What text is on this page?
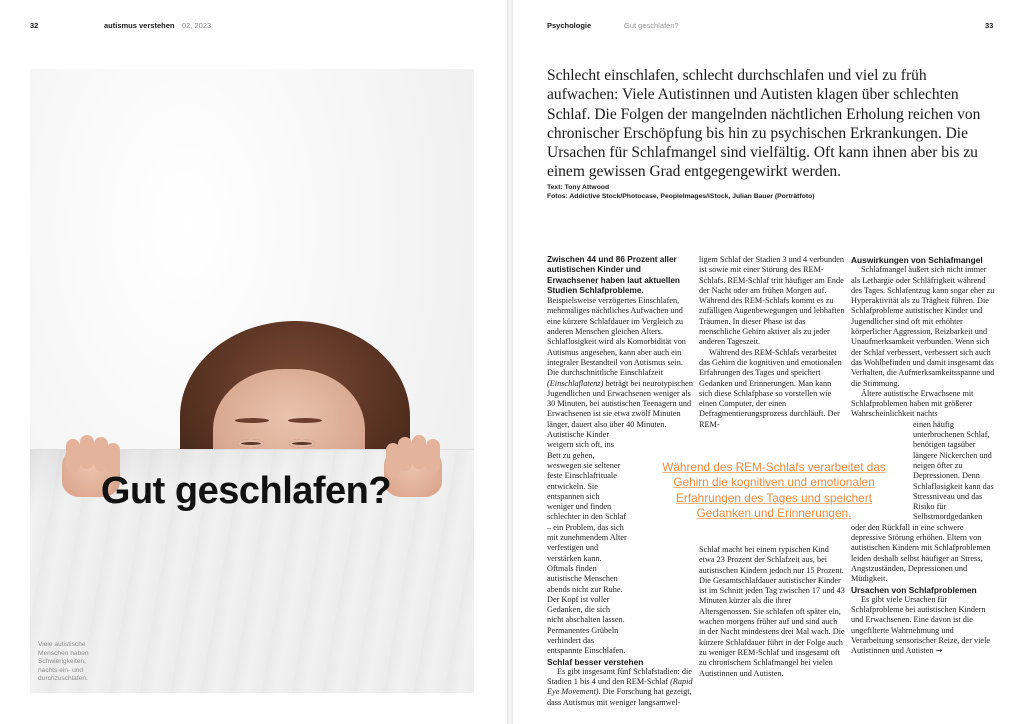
32	autismus verstehen 02, 2023	Psychologie	Gut geschlafen?	33
Gut geschlafen?
Viele autistische Menschen haben Schwierigkeiten, nachts ein- und durchzuschlafen.
Schlecht einschlafen, schlecht durchschlafen und viel zu früh aufwachen: Viele Autistinnen und Autisten klagen über schlechten Schlaf. Die Folgen der mangelnden nächtlichen Erholung reichen von chronischer Erschöpfung bis hin zu psychischen Erkrankungen. Die Ursachen für Schlafmangel sind vielfältig. Oft kann ihnen aber bis zu einem gewissen Grad entgegengewirkt werden.
Text: Tony Attwood
Fotos: Addictive Stock/Photocase, PeopleImages/iStock, Julian Bauer (Porträtfoto)

Zwischen 44 und 86 Prozent aller autistischen Kinder und Erwachsener haben laut aktuellen Studien Schlafprobleme.

Beispielsweise verzögertes Einschlafen, mehrmaliges nächtliches Aufwachen und eine kürzere Schlafdauer im Vergleich zu anderen Menschen gleichen Alters. Schlaflosigkeit wird als Komorbidität von Autismus angesehen, kann aber auch ein integraler Bestandteil von Autismus sein. Die durchschnittliche Einschlafzeit (Einschlaflatenz) beträgt bei neurotypischen Jugendlichen und Erwachsenen weniger als 30 Minuten, bei autistischen Teenagern und Erwachsenen ist sie etwa zwölf Minuten länger, dauert also über 40 Minuten.

Autistische Kinder weigern sich oft, ins Bett zu gehen, weswegen sie seltener feste Einschlafrituale entwickeln. Sie entspannen sich weniger und finden schlechter in den Schlaf – ein Problem, das sich mit zunehmendem Alter verfestigen und verstärken kann. Oftmals finden autistische Menschen abends nicht zur Ruhe. Der Kopf ist voller Gedanken, die sich nicht abschalten lassen. Permanentes Grübeln verhindert das entspannte Einschlafen.

Schlaf besser verstehen

Es gibt insgesamt fünf Schlafstadien: die Stadien 1 bis 4 und den REM-Schlaf (Rapid Eye Movement). Die Forschung hat gezeigt, dass Autismus mit weniger langsamwel-

ligem Schlaf der Stadien 3 und 4 verbunden ist sowie mit einer Störung des REM-Schlafs. REM-Schlaf tritt häufiger am Ende der Nacht oder am frühen Morgen auf. Während des REM-Schlafs kommt es zu zufälligen Augenbewegungen und lebhaften Träumen. In dieser Phase ist das menschliche Gehirn aktiver als zu jeder anderen Tageszeit.

Während des REM-Schlafs verarbeitet das Gehirn die kognitiven und emotionalen Erfahrungen des Tages und speichert Gedanken und Erinnerungen. Man kann sich diese Schlafphase so vorstellen wie einen Computer, der einen Defragmentierungsprozess durchläuft. Der REM-

Schlaf macht bei einem typischen Kind etwa 23 Prozent der Schlafzeit aus, bei autistischen Kindern jedoch nur 15 Prozent. Die Gesamtschlafdauer autistischer Kinder ist im Schnitt jeden Tag zwischen 17 und 43 Minuten kürzer als die ihrer Altersgenossen. Sie schlafen oft später ein, wachen morgens früher auf und sind auch in der Nacht mindestens drei Mal wach. Die kürzere Schlafdauer führt in der Folge auch zu weniger REM-Schlaf und insgesamt oft zu chronischem Schlafmangel bei vielen Autistinnen und Autisten.

Auswirkungen von Schlafmangel

Schlafmangel äußert sich nicht immer als Lethargie oder Schläfrigkeit während des Tages. Schlafentzug kann sogar eher zu Hyperaktivität als zu Trägheit führen. Die Schlafprobleme autistischer Kinder und Jugendlicher sind oft mit erhöhter körperlicher Aggression, Reizbarkeit und Unaufmerksamkeit verbunden. Wenn sich der Schlaf verbessert, verbessert sich auch das Wohlbefinden und damit insgesamt das Verhalten, die Aufmerksamkeitsspanne und die Stimmung.

Ältere autistische Erwachsene mit Schlafproblemen haben mit größerer Wahrscheinlichkeit nachts

einen häufig unterbrochenen Schlaf, benötigen tagsüber längere Nickerchen und neigen öfter zu Depressionen. Denn Schlaflosigkeit kann das Stressniveau und das Risiko für Selbstmordgedanken

oder den Rückfall in eine schwere depressive Störung erhöhen. Eltern von autistischen Kindern mit Schlafproblemen leiden deshalb selbst häufiger an Stress, Angstzuständen, Depressionen und Müdigkeit.

Ursachen von Schlafproblemen

Es gibt viele Ursachen für Schlafprobleme bei autistischen Kindern und Erwachsenen. Eine davon ist die ungefilterte Wahrnehmung und Verarbeitung sensorischer Reize, der viele Autistinnen und Autisten →

Während des REM-Schlafs verarbeitet das Gehirn die kognitiven und emotionalen Erfahrungen des Tages und speichert Gedanken und Erinnerungen.
